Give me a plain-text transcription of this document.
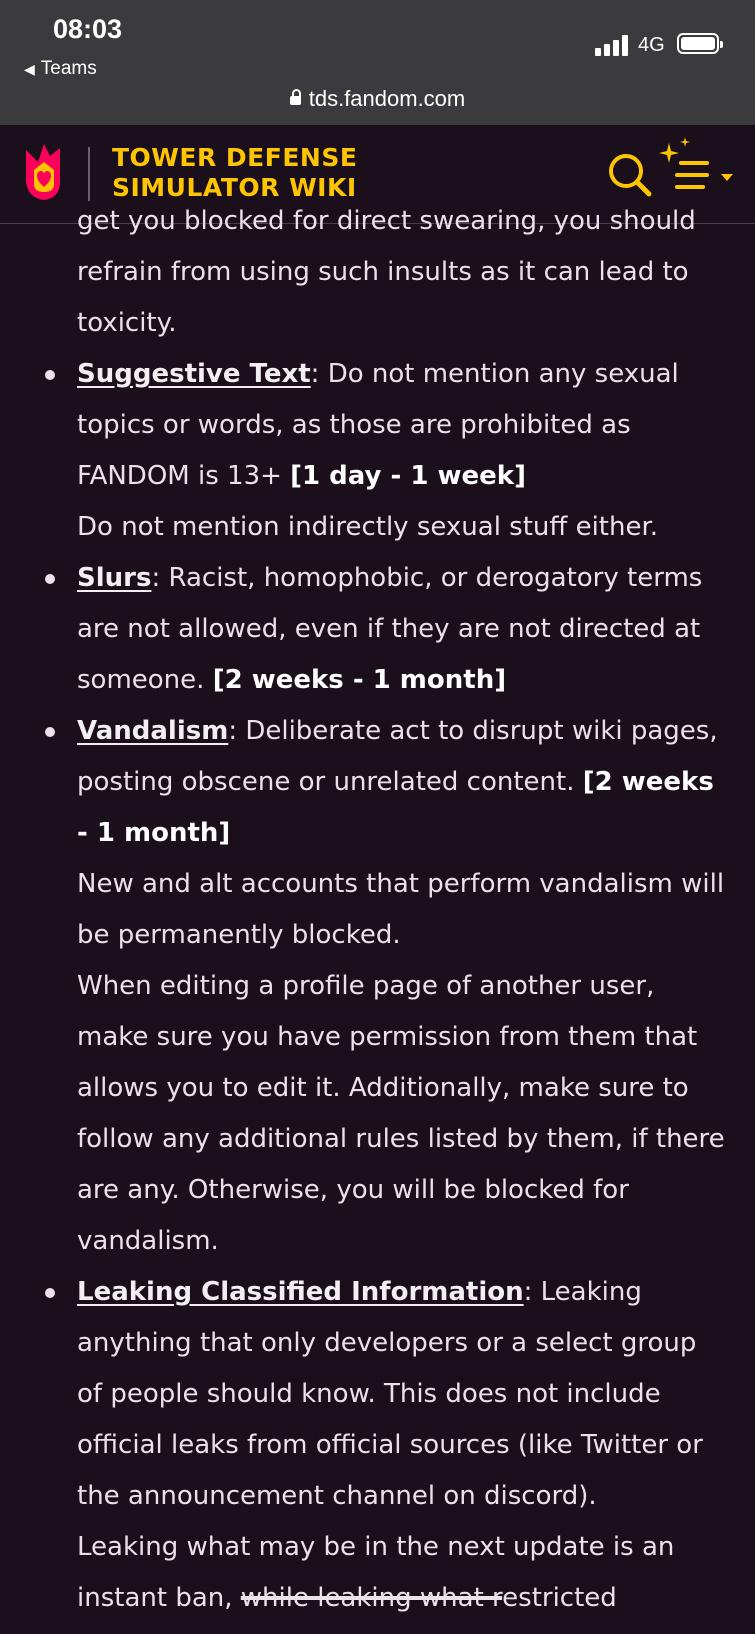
08:03
◀ Teams
4G
tds.fandom.com
TOWER DEFENSE
SIMULATOR WIKI

get you blocked for direct swearing, you should refrain from using such insults as it can lead to toxicity.

Suggestive Text: Do not mention any sexual topics or words, as those are prohibited as FANDOM is 13+ [1 day - 1 week]
Do not mention indirectly sexual stuff either.
Slurs: Racist, homophobic, or derogatory terms are not allowed, even if they are not directed at someone. [2 weeks - 1 month]
Vandalism: Deliberate act to disrupt wiki pages, posting obscene or unrelated content. [2 weeks - 1 month]
New and alt accounts that perform vandalism will be permanently blocked.
When editing a profile page of another user, make sure you have permission from them that allows you to edit it. Additionally, make sure to follow any additional rules listed by them, if there are any. Otherwise, you will be blocked for vandalism.
Leaking Classified Information: Leaking anything that only developers or a select group of people should know. This does not include official leaks from official sources (like Twitter or the announcement channel on discord).
Leaking what may be in the next update is an instant ban, while leaking what restricted
